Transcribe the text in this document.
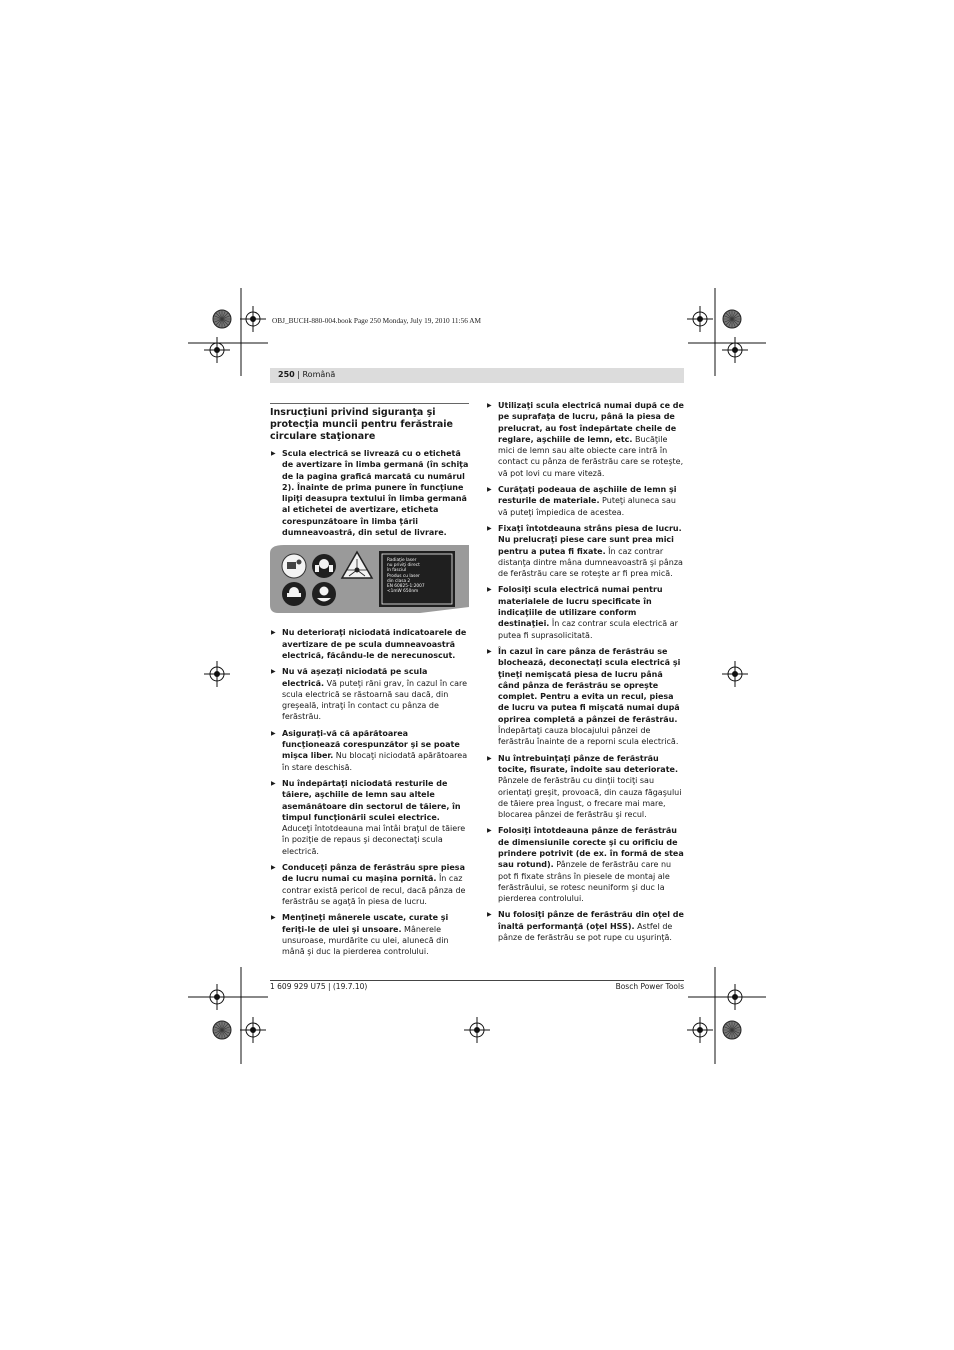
OBJ_BUCH-880-004.book Page 250 Monday, July 19, 2010 11:56 AM
250 | Română
Insrucţiuni privind siguranţa şi protecţia muncii pentru ferăstraie circulare staţionare
▶ Scula electrică se livrează cu o etichetă de avertizare în limba germană (în schiţa de la pagina grafică marcată cu numărul 2). Înainte de prima punere în funcţiune lipiţi deasupra textului în limba germană al etichetei de avertizare, eticheta corespunzătoare în limba ţării dumneavoastră, din setul de livrare.
Radiaţie laser
nu priviţi direct
în fasciul
Produs cu laser
din clasa 2
EN 60825-1:2007
<1mW 650nm
▶ Nu deterioraţi niciodată indicatoarele de avertizare de pe scula dumneavoastră electrică, făcându-le de nerecunoscut.
▶ Nu vă aşezaţi niciodată pe scula electrică. Vă puteţi răni grav, în cazul în care scula electrică se răstoarnă sau dacă, din greşeală, intraţi în contact cu pânza de ferăstrău.
▶ Asiguraţi-vă că apărătoarea funcţionează corespunzător şi se poate mişca liber. Nu blocaţi niciodată apărătoarea în stare deschisă.
▶ Nu îndepărtaţi niciodată resturile de tăiere, aşchiile de lemn sau altele asemănătoare din sectorul de tăiere, în timpul funcţionării sculei electrice. Aduceţi întotdeauna mai întâi braţul de tăiere în poziţie de repaus şi deconectaţi scula electrică.
▶ Conduceţi pânza de ferăstrău spre piesa de lucru numai cu maşina pornită. În caz contrar există pericol de recul, dacă pânza de ferăstrău se agaţă în piesa de lucru.
▶ Menţineţi mânerele uscate, curate şi feriţi-le de ulei şi unsoare. Mânerele unsuroase, murdărite cu ulei, alunecă din mână şi duc la pierderea controlului.
▶ Utilizaţi scula electrică numai după ce de pe suprafaţa de lucru, până la piesa de prelucrat, au fost îndepărtate cheile de reglare, aşchiile de lemn, etc. Bucăţile mici de lemn sau alte obiecte care intră în contact cu pânza de ferăstrău care se roteşte, vă pot lovi cu mare viteză.
▶ Curăţaţi podeaua de aşchiile de lemn şi resturile de materiale. Puteţi aluneca sau vă puteţi împiedica de acestea.
▶ Fixaţi întotdeauna strâns piesa de lucru. Nu prelucraţi piese care sunt prea mici pentru a putea fi fixate. În caz contrar distanţa dintre mâna dumneavoastră şi pânza de ferăstrău care se roteşte ar fi prea mică.
▶ Folosiţi scula electrică numai pentru materialele de lucru specificate în indicaţiile de utilizare conform destinaţiei. În caz contrar scula electrică ar putea fi suprasolicitată.
▶ În cazul în care pânza de ferăstrău se blochează, deconectaţi scula electrică şi ţineţi nemişcată piesa de lucru până când pânza de ferăstrău se opreşte complet. Pentru a evita un recul, piesa de lucru va putea fi mişcată numai după oprirea completă a pânzei de ferăstrău. Îndepărtaţi cauza blocajului pânzei de ferăstrău înainte de a reporni scula electrică.
▶ Nu întrebuinţaţi pânze de ferăstrău tocite, fisurate, îndoite sau deteriorate. Pânzele de ferăstrău cu dinţii tociţi sau orientaţi greşit, provoacă, din cauza făgaşului de tăiere prea îngust, o frecare mai mare, blocarea pânzei de ferăstrău şi recul.
▶ Folosiţi întotdeauna pânze de ferăstrău de dimensiunile corecte şi cu orificiu de prindere potrivit (de ex. în formă de stea sau rotund). Pânzele de ferăstrău care nu pot fi fixate strâns în piesele de montaj ale ferăstrăului, se rotesc neuniform şi duc la pierderea controlului.
▶ Nu folosiţi pânze de ferăstrău din oţel de înaltă performanţă (oţel HSS). Astfel de pânze de ferăstrău se pot rupe cu uşurinţă.
1 609 929 U75 | (19.7.10)	Bosch Power Tools
